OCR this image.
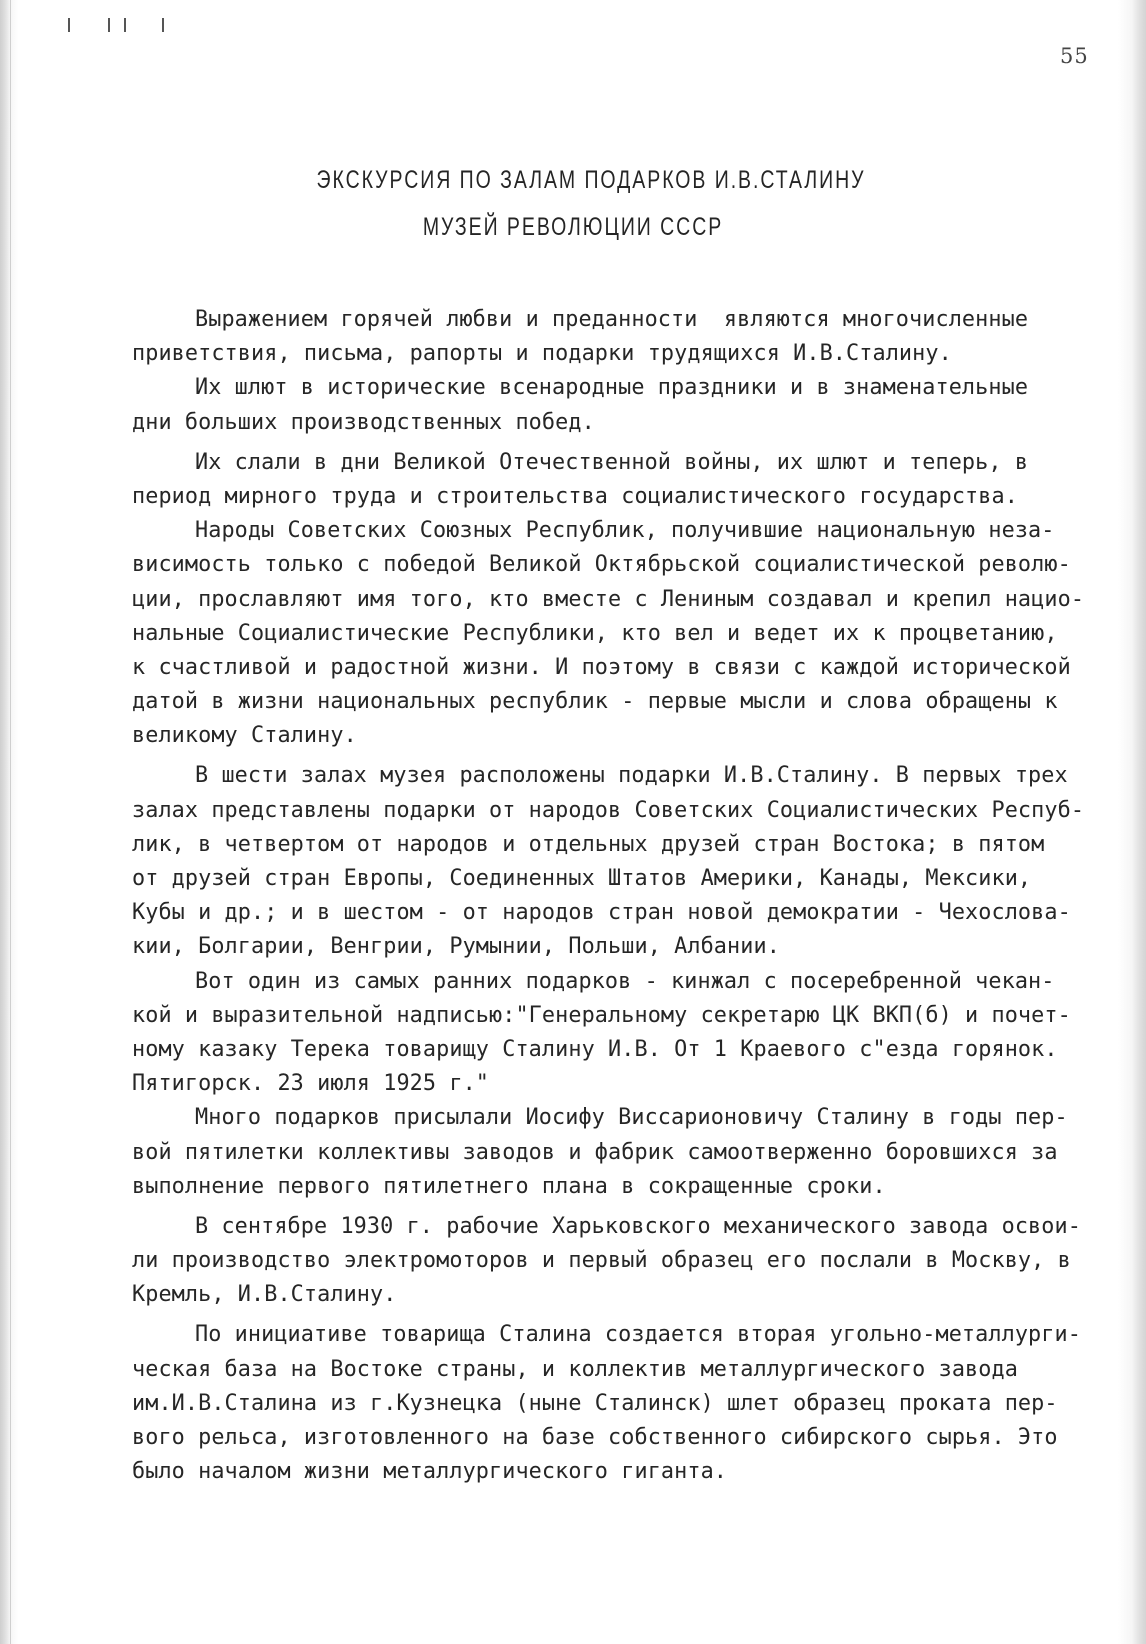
55
ЭКСКУРСИЯ ПО ЗАЛАМ ПОДАРКОВ И.В.СТАЛИНУ
МУЗЕЙ РЕВОЛЮЦИИ СССР
Выражением горячей любви и преданности  являются многочисленные
приветствия, письма, рапорты и подарки трудящихся И.В.Сталину.
Их шлют в исторические всенародные праздники и в знаменательные
дни больших производственных побед.
Их слали в дни Великой Отечественной войны, их шлют и теперь, в
период мирного труда и строительства социалистического государства.
Народы Советских Союзных Республик, получившие национальную неза-
висимость только с победой Великой Октябрьской социалистической револю-
ции, прославляют имя того, кто вместе с Лениным создавал и крепил нацио-
нальные Социалистические Республики, кто вел и ведет их к процветанию,
к счастливой и радостной жизни. И поэтому в связи с каждой исторической
датой в жизни национальных республик - первые мысли и слова обращены к
великому Сталину.
В шести залах музея расположены подарки И.В.Сталину. В первых трех
залах представлены подарки от народов Советских Социалистических Респуб-
лик, в четвертом от народов и отдельных друзей стран Востока; в пятом
от друзей стран Европы, Соединенных Штатов Америки, Канады, Мексики,
Кубы и др.; и в шестом - от народов стран новой демократии - Чехослова-
кии, Болгарии, Венгрии, Румынии, Польши, Албании.
Вот один из самых ранних подарков - кинжал с посеребренной чекан-
кой и выразительной надписью:"Генеральному секретарю ЦК ВКП(б) и почет-
ному казаку Терека товарищу Сталину И.В. От 1 Краевого с"езда горянок.
Пятигорск. 23 июля 1925 г."
Много подарков присылали Иосифу Виссарионовичу Сталину в годы пер-
вой пятилетки коллективы заводов и фабрик самоотверженно боровшихся за
выполнение первого пятилетнего плана в сокращенные сроки.
В сентябре 1930 г. рабочие Харьковского механического завода освои-
ли производство электромоторов и первый образец его послали в Москву, в
Кремль, И.В.Сталину.
По инициативе товарища Сталина создается вторая угольно-металлурги-
ческая база на Востоке страны, и коллектив металлургического завода
им.И.В.Сталина из г.Кузнецка (ныне Сталинск) шлет образец проката пер-
вого рельса, изготовленного на базе собственного сибирского сырья. Это
было началом жизни металлургического гиганта.
